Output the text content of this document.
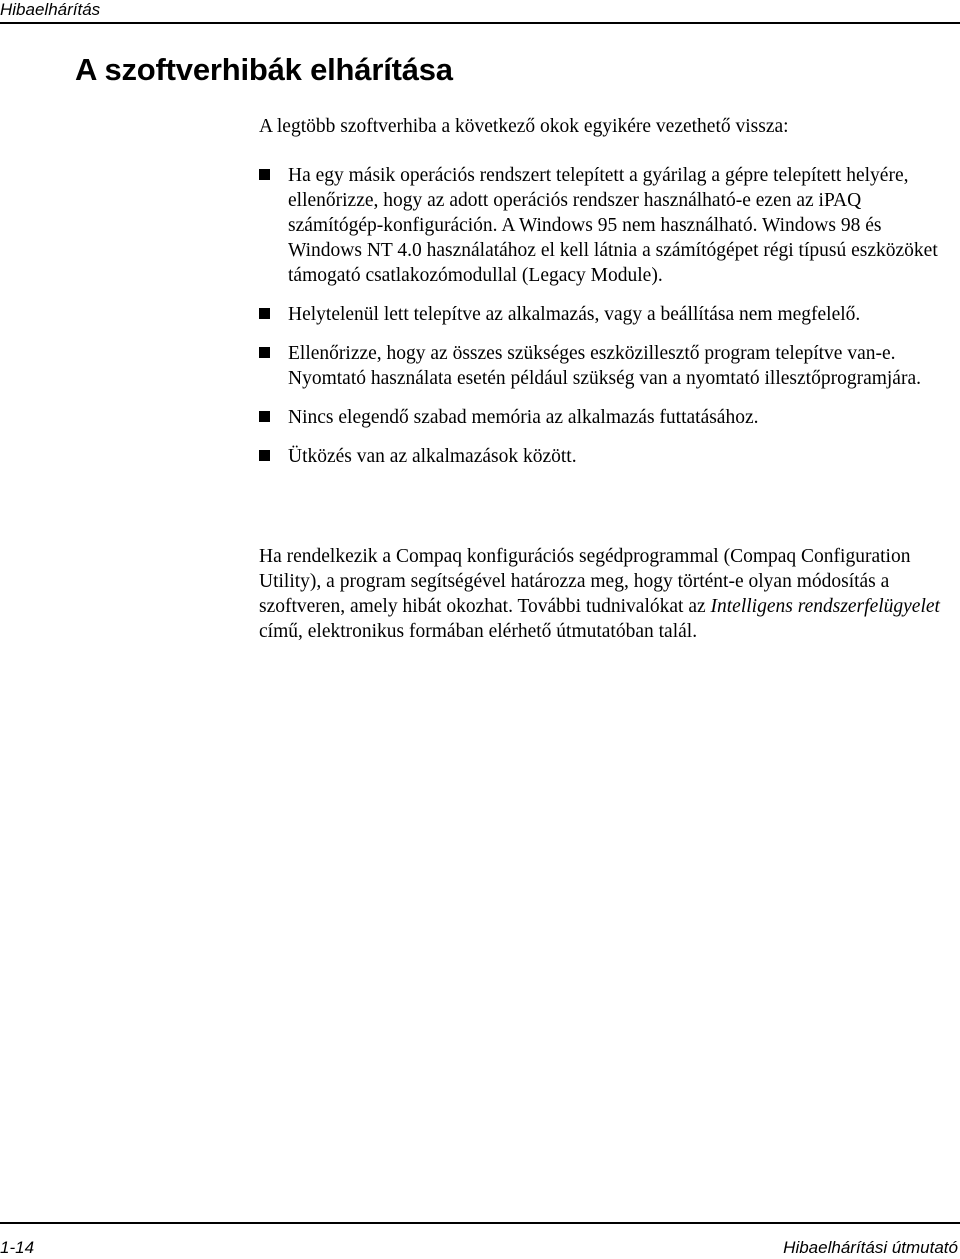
Hibaelhárítás
A szoftverhibák elhárítása

A legtöbb szoftverhiba a következő okok egyikére vezethető vissza:

Ha egy másik operációs rendszert telepített a gyárilag a gépre telepített helyére, ellenőrizze, hogy az adott operációs rendszer használható-e ezen az iPAQ számítógép-konfiguráción. A Windows 95 nem használható. Windows 98 és Windows NT 4.0 használatához el kell látnia a számítógépet régi típusú eszközöket támogató csatlakozómodullal (Legacy Module).
Helytelenül lett telepítve az alkalmazás, vagy a beállítása nem megfelelő.
Ellenőrizze, hogy az összes szükséges eszközillesztő program telepítve van-e. Nyomtató használata esetén például szükség van a nyomtató illesztőprogramjára.
Nincs elegendő szabad memória az alkalmazás futtatásához.
Ütközés van az alkalmazások között.

Ha rendelkezik a Compaq konfigurációs segédprogrammal (Compaq Configuration Utility), a program segítségével határozza meg, hogy történt-e olyan módosítás a szoftveren, amely hibát okozhat. További tudnivalókat az Intelligens rendszerfelügyelet című, elektronikus formában elérhető útmutatóban talál.

1-14	Hibaelhárítási útmutató
